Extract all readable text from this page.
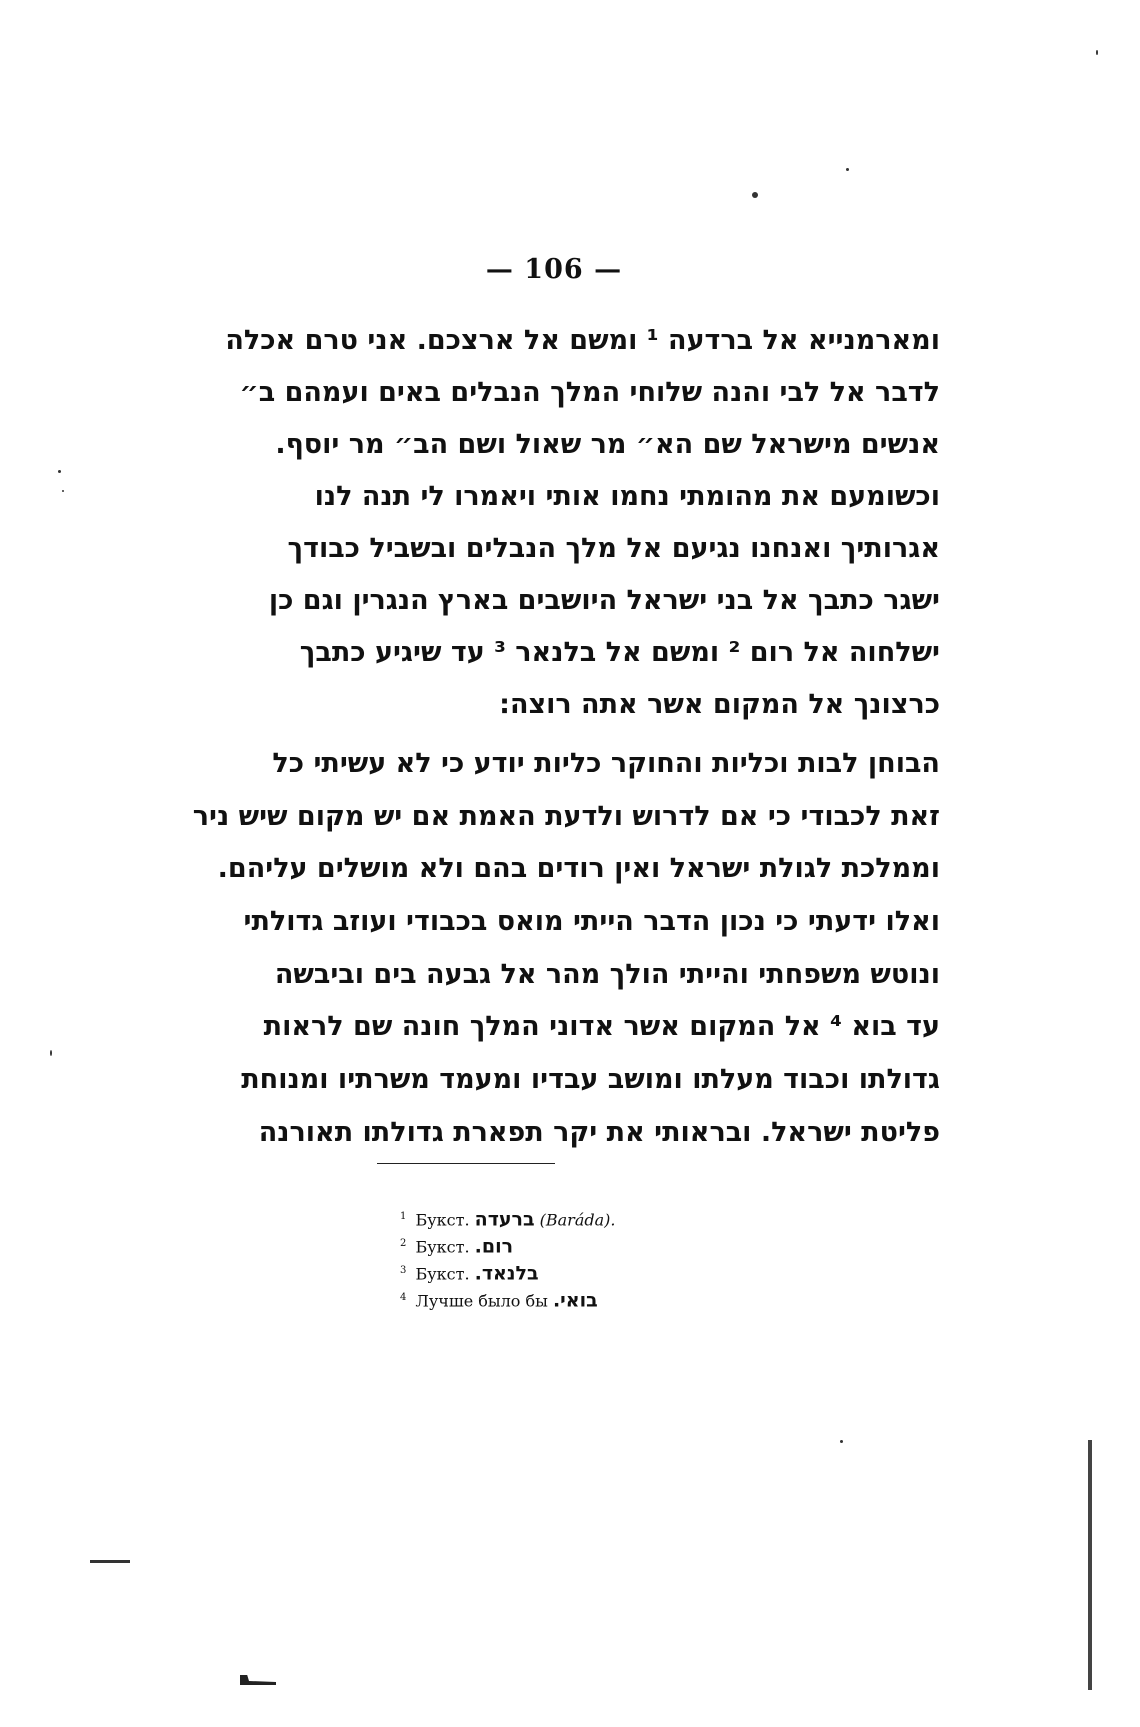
— 106 —
ומארמנייא אל ברדעה ¹ ומשם אל ארצכם. אני טרם אכלה
לדבר אל לבי והנה שלוחי המלך הנבלים באים ועמהם ב״
אנשים מישראל שם הא״ מר שאול ושם הב״ מר יוסף.
וכשומעם את מהומתי נחמו אותי ויאמרו לי תנה לנו
אגרותיך ואנחנו נגיעם אל מלך הנבלים ובשביל כבודך
ישגר כתבך אל בני ישראל היושבים בארץ הנגרין וגם כן
ישלחוה אל רום ² ומשם אל בלנאר ³ עד שיגיע כתבך
כרצונך אל המקום אשר אתה רוצה:
הבוחן לבות וכליות והחוקר כליות יודע כי לא עשיתי כל
זאת לכבודי כי אם לדרוש ולדעת האמת אם יש מקום שיש ניר
וממלכת לגולת ישראל ואין רודים בהם ולא מושלים עליהם.
ואלו ידעתי כי נכון הדבר הייתי מואס בכבודי ועוזב גדולתי
ונוטש משפחתי והייתי הולך מהר אל גבעה בים וביבשה
עד בוא ⁴ אל המקום אשר אדוני המלך חונה שם לראות
גדולתו וכבוד מעלתו ומושב עבדיו ומעמד משרתיו ומנוחת
פליטת ישראל. ובראותי את יקר תפארת גדולתו תאורנה
$^1$ Букст. ברעדה (Baráda).
$^2$ Букст. רום.
$^3$ Букст. בלנאד.
$^4$ Лучше было бы בואי.
